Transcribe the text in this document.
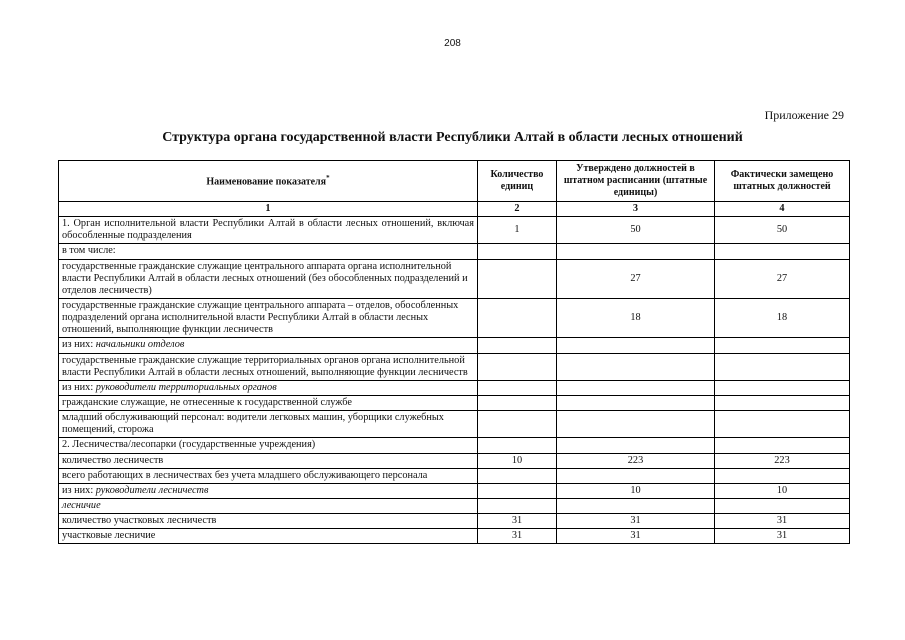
208
Приложение 29
Структура органа государственной власти Республики Алтай в области лесных отношений
Наименование показателя*	Количество единиц	Утверждено должностей в штатном расписании (штатные единицы)	Фактически замещено штатных должностей
1	2	3	4
1. Орган исполнительной власти Республики Алтай в области лесных отношений, включая обособленные подразделения	1	50	50
в том числе:			
государственные гражданские служащие центрального аппарата органа исполнительной власти Республики Алтай в области лесных отношений (без обособленных подразделений и отделов лесничеств)		27	27
государственные гражданские служащие центрального аппарата – отделов, обособленных подразделений органа исполнительной власти Республики Алтай в области лесных отношений, выполняющие функции лесничеств		18	18
из них: начальники отделов			
государственные гражданские служащие территориальных органов органа исполнительной власти Республики Алтай в области лесных отношений, выполняющие функции лесничеств			
из них: руководители территориальных органов			
гражданские служащие, не отнесенные к государственной службе			
младший обслуживающий персонал: водители легковых машин, уборщики служебных помещений, сторожа			
2. Лесничества/лесопарки (государственные учреждения)			
количество лесничеств	10	223	223
всего работающих в лесничествах без учета младшего обслуживающего персонала			
из них: руководители лесничеств		10	10
лесничие			
количество участковых лесничеств	31	31	31
участковые лесничие	31	31	31
